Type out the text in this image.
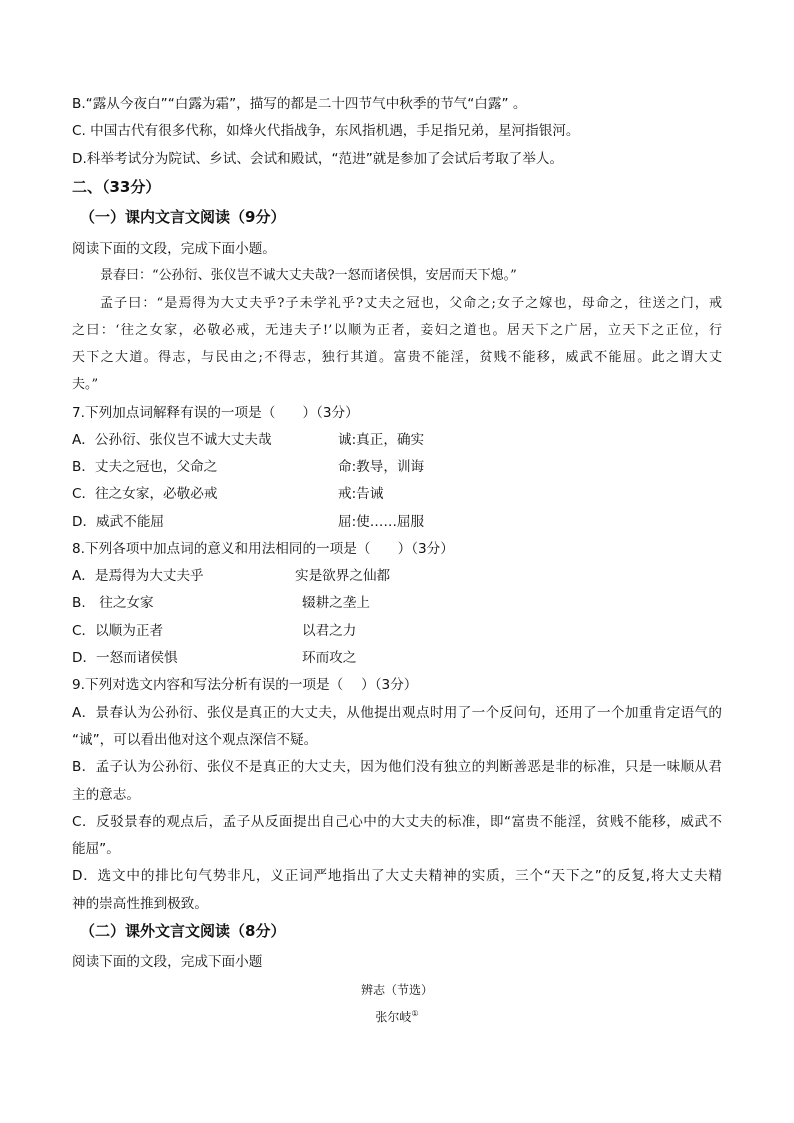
B.“露从今夜白”“白露为霜”，描写的都是二十四节气中秋季的节气“白露” 。
C. 中国古代有很多代称，如烽火代指战争，东风指机遇，手足指兄弟，星河指银河。
D.科举考试分为院试、乡试、会试和殿试，“范进”就是参加了会试后考取了举人。
二、（33分）
（一）课内文言文阅读（9分）
阅读下面的文段，完成下面小题。
景春曰：“公孙衍、张仪岂不诚大丈夫哉?一怒而诸侯惧，安居而天下熄。”
孟子曰：“是焉得为大丈夫乎?子未学礼乎?丈夫之冠也，父命之;女子之嫁也，母命之，往送之门，戒
之曰：‘往之女家，必敬必戒，无违夫子!’以顺为正者，妾妇之道也。居天下之广居，立天下之正位，行
天下之大道。得志，与民由之;不得志，独行其道。富贵不能淫，贫贱不能移，威武不能屈。此之谓大丈
夫。”
7.下列加点词解释有误的一项是（　　）（3分）
A．公孙衍、张仪岂不诚大丈夫哉	诚:真正，确实
B．丈夫之冠也，父命之	命:教导，训诲
C．往之女家，必敬必戒	戒:告诫
D．威武不能屈	屈:使……屈服
8.下列各项中加点词的意义和用法相同的一项是（　　）（3分）
A．是焉得为大丈夫乎	实是欲界之仙都
B.　往之女家	辍耕之垄上
C．以顺为正者	以君之力
D．一怒而诸侯惧	环而攻之
9.下列对选文内容和写法分析有误的一项是（　 ）（3分）
A．景春认为公孙衍、张仪是真正的大丈夫，从他提出观点时用了一个反问句，还用了一个加重肯定语气的
“诚”，可以看出他对这个观点深信不疑。
B．孟子认为公孙衍、张仪不是真正的大丈夫，因为他们没有独立的判断善恶是非的标准，只是一味顺从君
主的意志。
C．反驳景春的观点后，孟子从反面提出自己心中的大丈夫的标准，即“富贵不能淫，贫贱不能移，威武不
能屈”。
D．选文中的排比句气势非凡，义正词严地指出了大丈夫精神的实质，三个“天下之”的反复,将大丈夫精
神的崇高性推到极致。
（二）课外文言文阅读（8分）
阅读下面的文段，完成下面小题
辨志（节选）
张尔岐①
